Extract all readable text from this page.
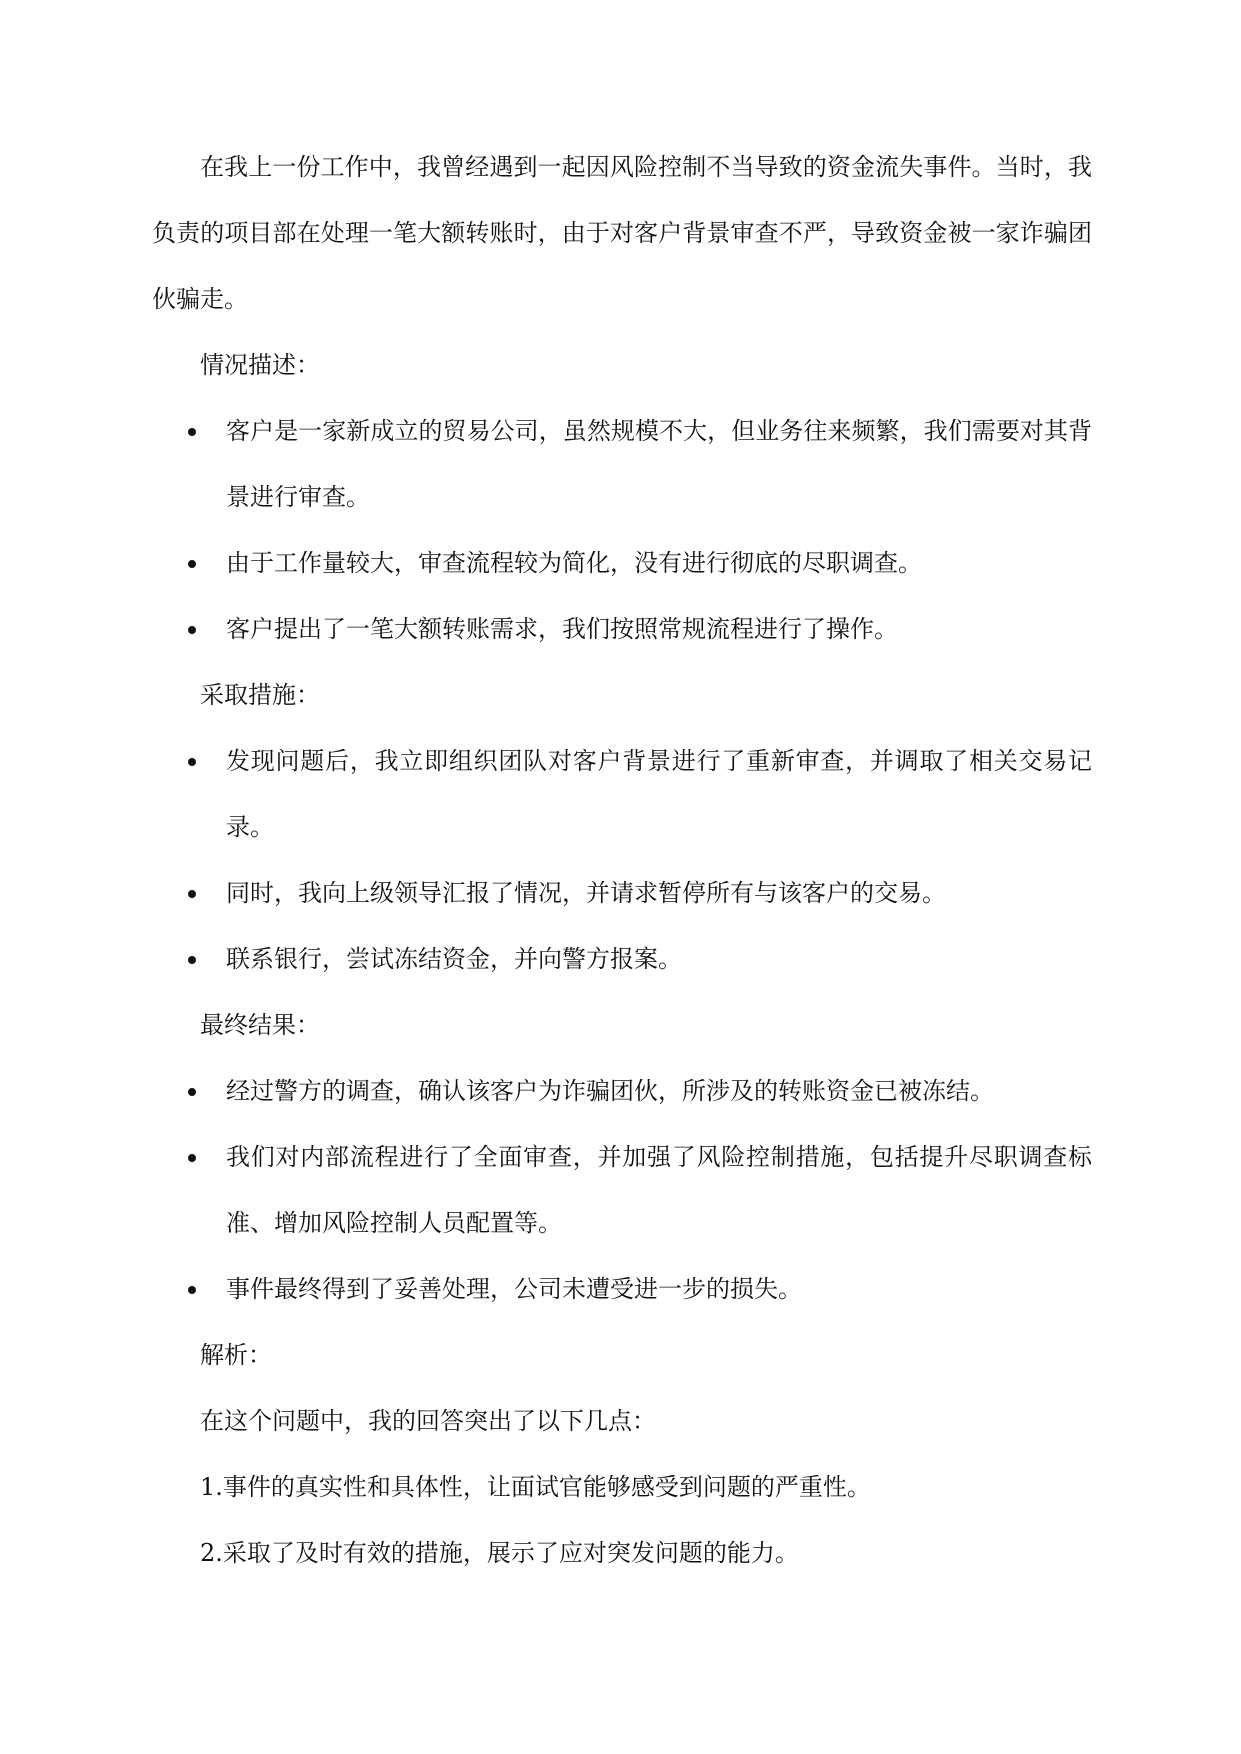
在我上一份工作中，我曾经遇到一起因风险控制不当导致的资金流失事件。当时，我负责的项目部在处理一笔大额转账时，由于对客户背景审查不严，导致资金被一家诈骗团伙骗走。

情况描述：

客户是一家新成立的贸易公司，虽然规模不大，但业务往来频繁，我们需要对其背景进行审查。
由于工作量较大，审查流程较为简化，没有进行彻底的尽职调查。
客户提出了一笔大额转账需求，我们按照常规流程进行了操作。

采取措施：

发现问题后，我立即组织团队对客户背景进行了重新审查，并调取了相关交易记录。
同时，我向上级领导汇报了情况，并请求暂停所有与该客户的交易。
联系银行，尝试冻结资金，并向警方报案。

最终结果：

经过警方的调查，确认该客户为诈骗团伙，所涉及的转账资金已被冻结。
我们对内部流程进行了全面审查，并加强了风险控制措施，包括提升尽职调查标准、增加风险控制人员配置等。
事件最终得到了妥善处理，公司未遭受进一步的损失。

解析：

在这个问题中，我的回答突出了以下几点：

1.事件的真实性和具体性，让面试官能够感受到问题的严重性。

2.采取了及时有效的措施，展示了应对突发问题的能力。
